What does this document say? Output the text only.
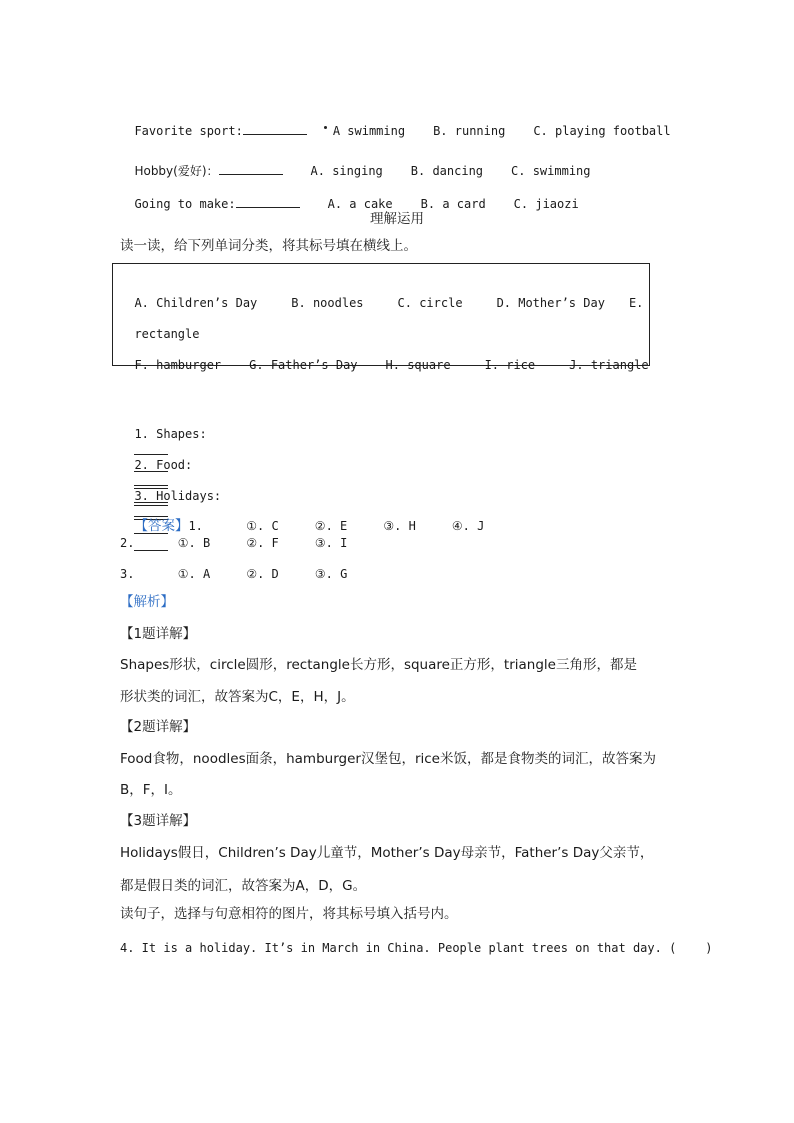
Favorite sport:	A swimming B. running C. playing football

Hobby(爱好)：	A. singing B. dancing C. swimming

Going to make:	A. a cake B. a card C. jiaozi

理解运用
读一读，给下列单词分类，将其标号填在横线上。

A. Children’s Day	B. noodles	C. circle	D. Mother’s Day E.

rectangle

F. hamburger G. Father’s Day H. square	I. rice	J. triangle

1. Shapes:

2. Food:

3. Holidays:

【答案】1.      ①. C     ②. E     ③. H     ④. J

2.      ①. B     ②. F     ③. I
3.      ①. A     ②. D     ③. G
【解析】
【1题详解】
Shapes形状，circle圆形，rectangle长方形，square正方形，triangle三角形，都是
形状类的词汇，故答案为C，E，H，J。
【2题详解】
Food食物，noodles面条，hamburger汉堡包，rice米饭，都是食物类的词汇，故答案为
B，F，I。
【3题详解】
Holidays假日，Children’s Day儿童节，Mother’s Day母亲节，Father’s Day父亲节，
都是假日类的词汇，故答案为A，D，G。
读句子，选择与句意相符的图片，将其标号填入括号内。
4. It is a holiday. It’s in March in China. People plant trees on that day. (    )
